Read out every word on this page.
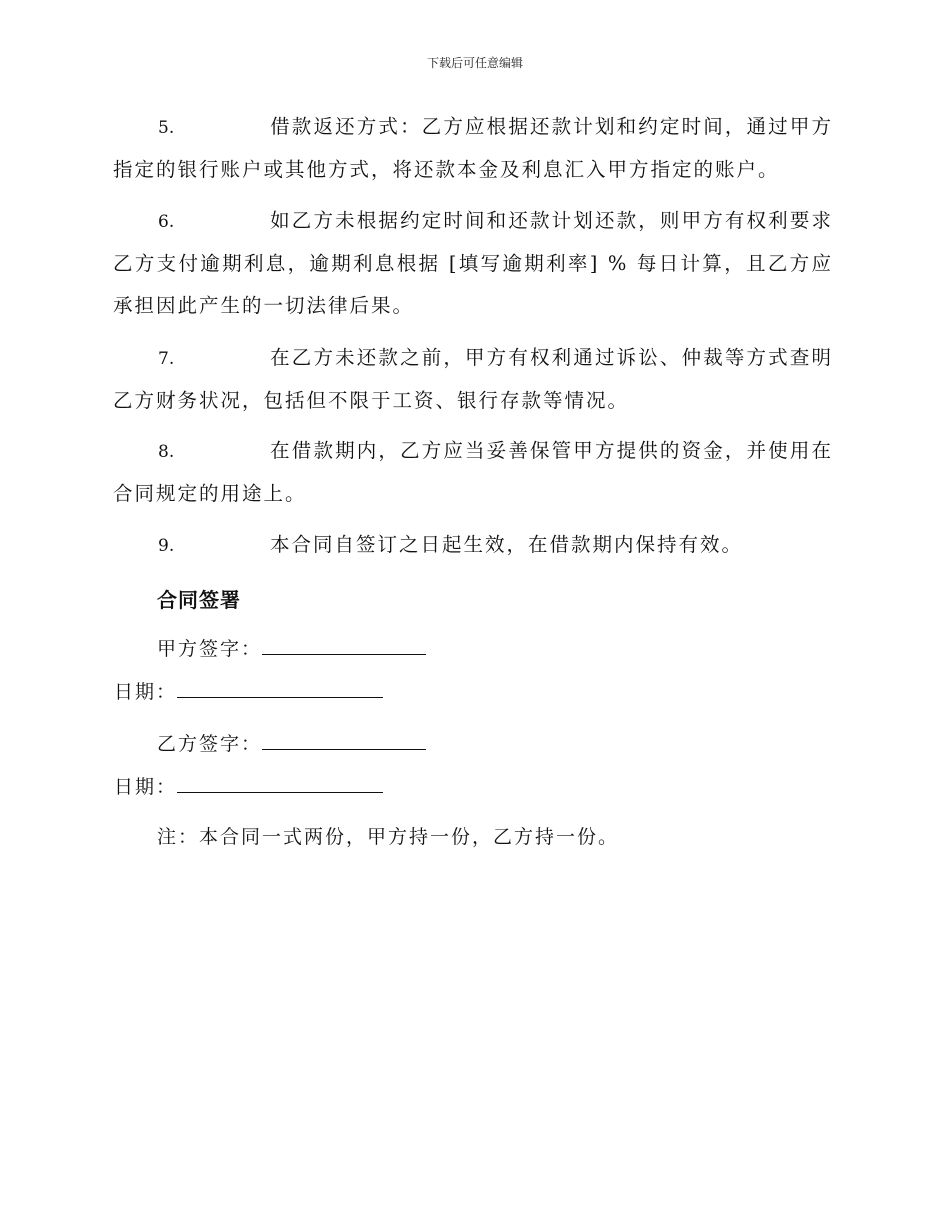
下载后可任意编辑
5.	借款返还方式：乙方应根据还款计划和约定时间，通过甲方指定的银行账户或其他方式，将还款本金及利息汇入甲方指定的账户。
6.	如乙方未根据约定时间和还款计划还款，则甲方有权利要求乙方支付逾期利息，逾期利息根据 [填写逾期利率] % 每日计算，且乙方应承担因此产生的一切法律后果。
7.	在乙方未还款之前，甲方有权利通过诉讼、仲裁等方式查明乙方财务状况，包括但不限于工资、银行存款等情况。
8.	在借款期内，乙方应当妥善保管甲方提供的资金，并使用在合同规定的用途上。
9.	本合同自签订之日起生效，在借款期内保持有效。
合同签署
甲方签字：
日期：
乙方签字：
日期：
注：本合同一式两份，甲方持一份，乙方持一份。
